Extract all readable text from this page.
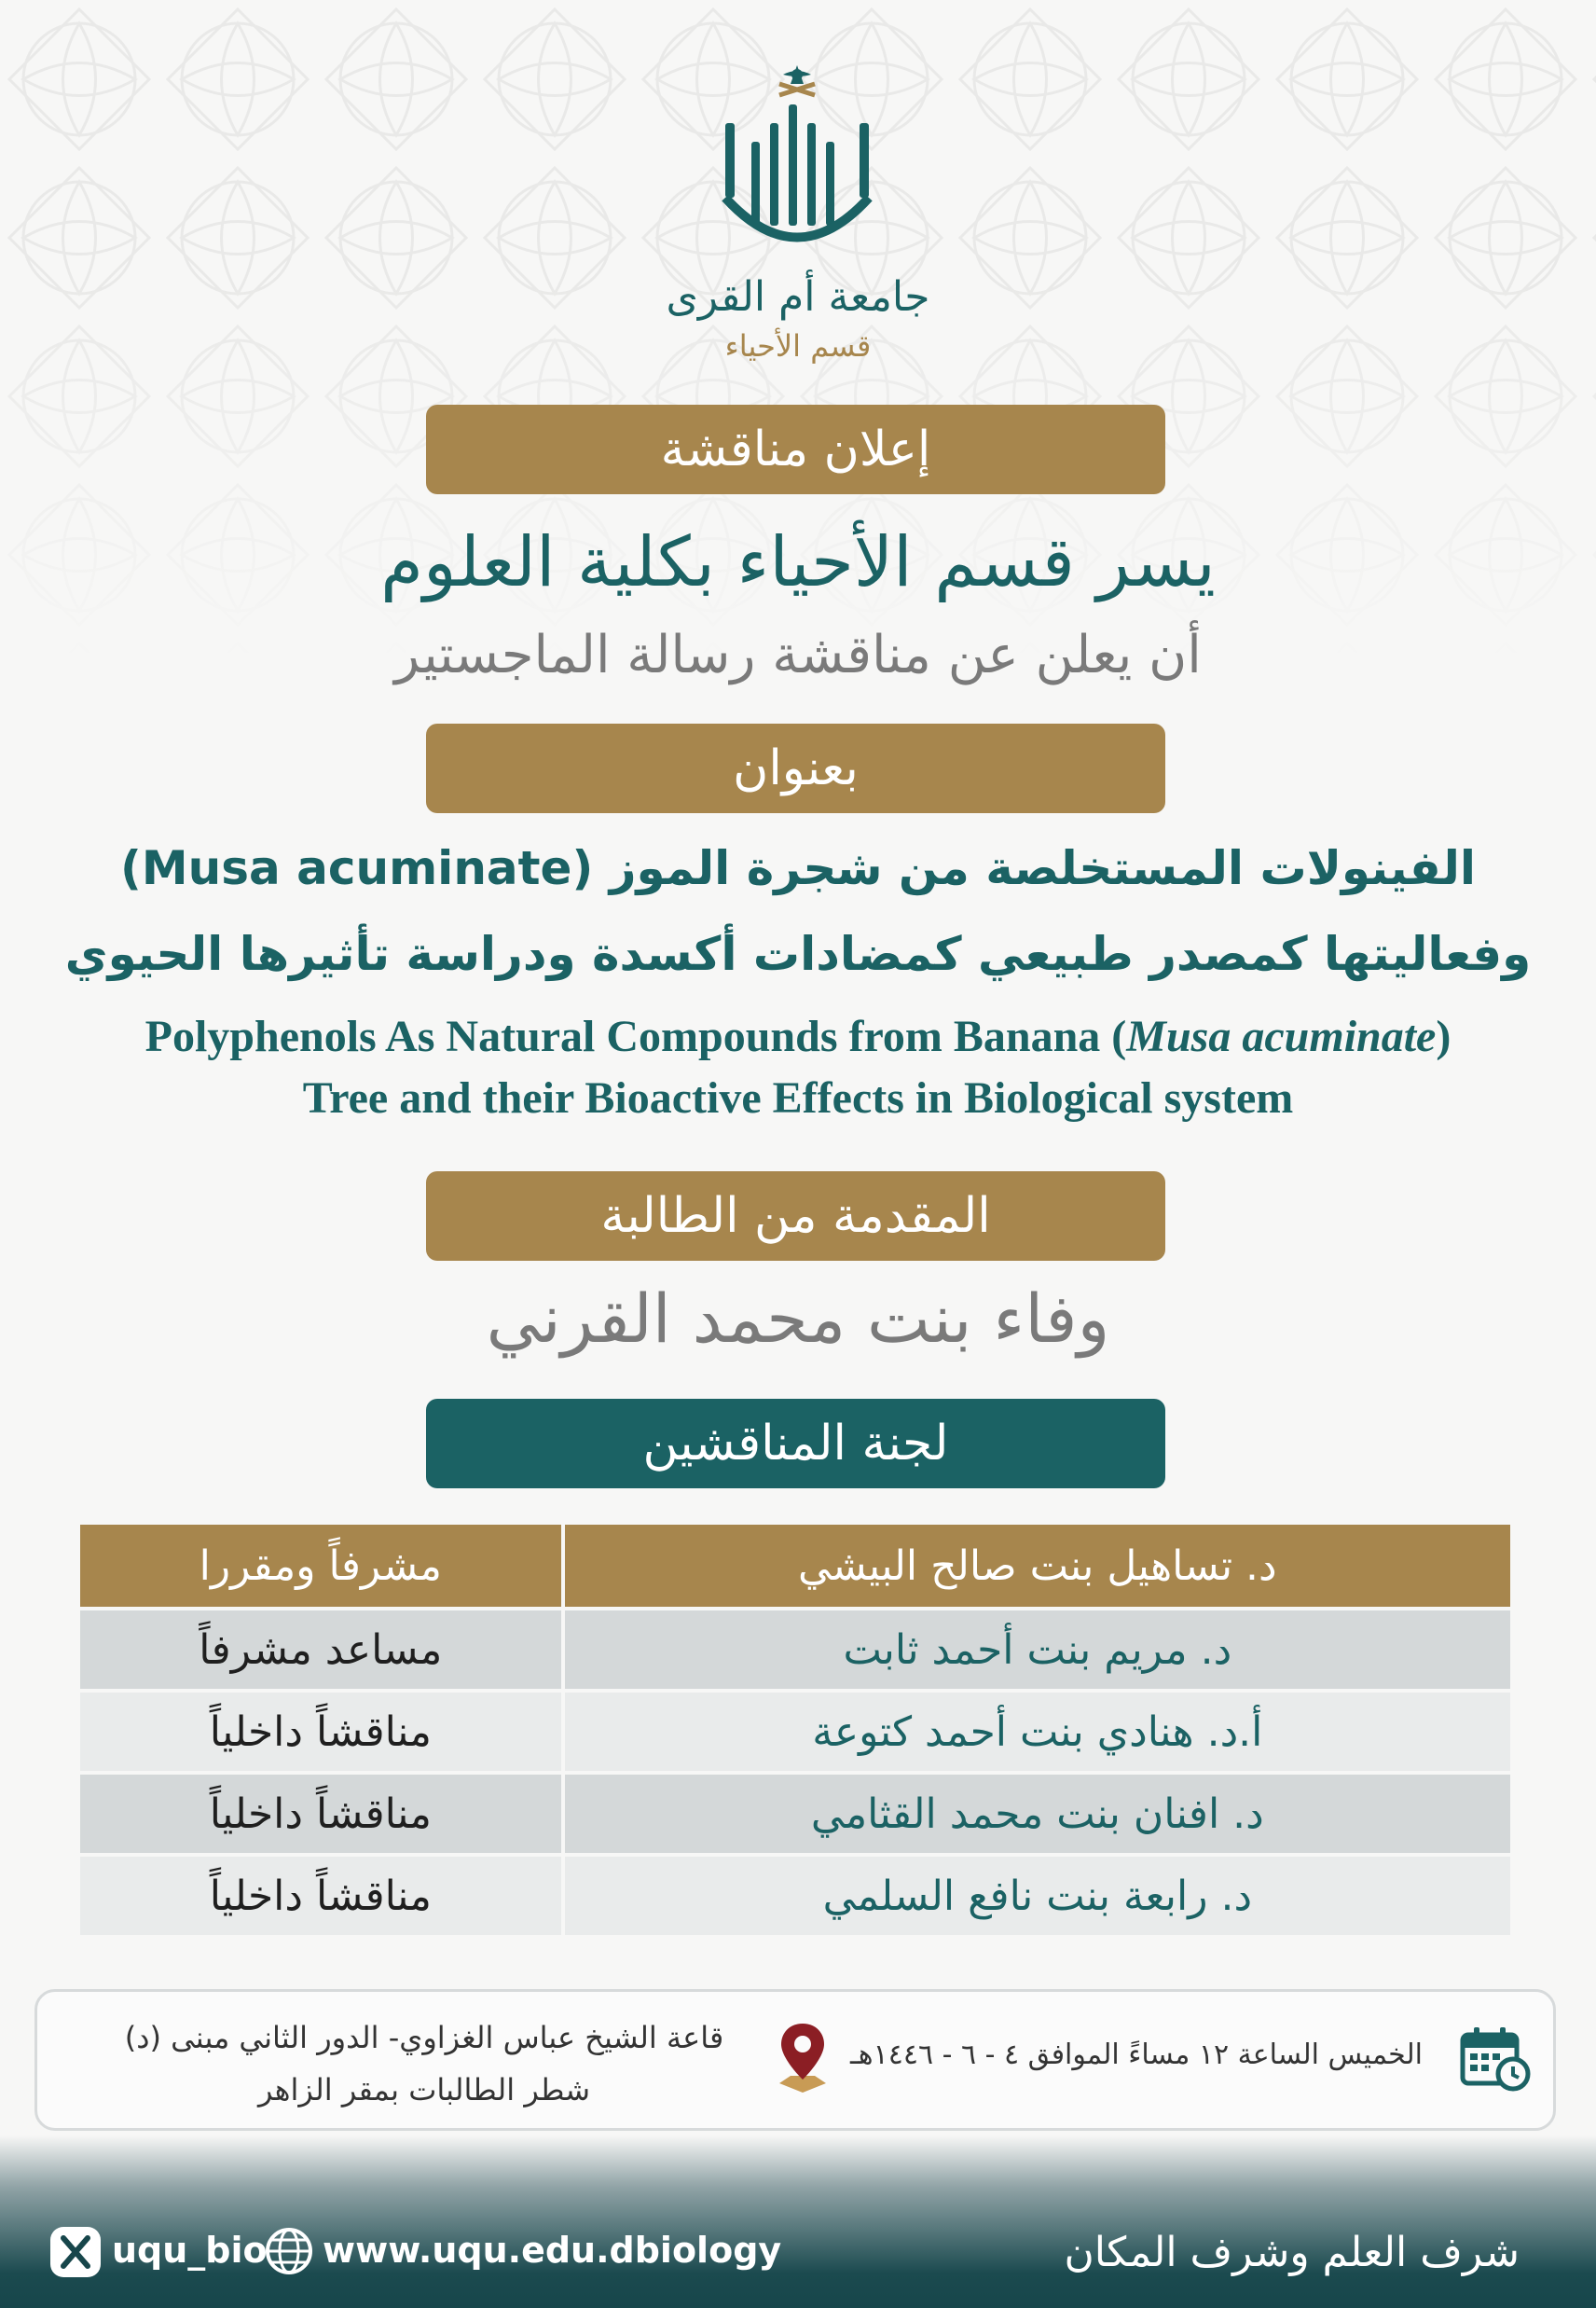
جامعة أم القرى
قسم الأحياء
إعلان مناقشة
يسر قسم الأحياء بكلية العلوم
أن يعلن عن مناقشة رسالة الماجستير
بعنوان
الفينولات المستخلصة من شجرة الموز (Musa acuminate)
وفعاليتها كمصدر طبيعي كمضادات أكسدة ودراسة تأثيرها الحيوي
Polyphenols As Natural Compounds from Banana (Musa acuminate)
Tree and their Bioactive Effects in Biological system
المقدمة من الطالبة
وفاء بنت محمد القرني
لجنة المناقشين
د. تساهيل بنت صالح البيشي	مشرفاً ومقررا
د. مريم بنت أحمد ثابت	مساعد مشرفاً
أ.د. هنادي بنت أحمد كتوعة	مناقشاً داخلياً
د. افنان بنت محمد القثامي	مناقشاً داخلياً
د. رابعة بنت نافع السلمي	مناقشاً داخلياً
الخميس الساعة ١٢ مساءً الموافق ٤ - ٦ - ١٤٤٦هـ
قاعة الشيخ عباس الغزاوي- الدور الثاني مبنى (د)
شطر الطالبات بمقر الزاهر
شرف العلم وشرف المكان
www.uqu.edu.dbiology
uqu_bio
